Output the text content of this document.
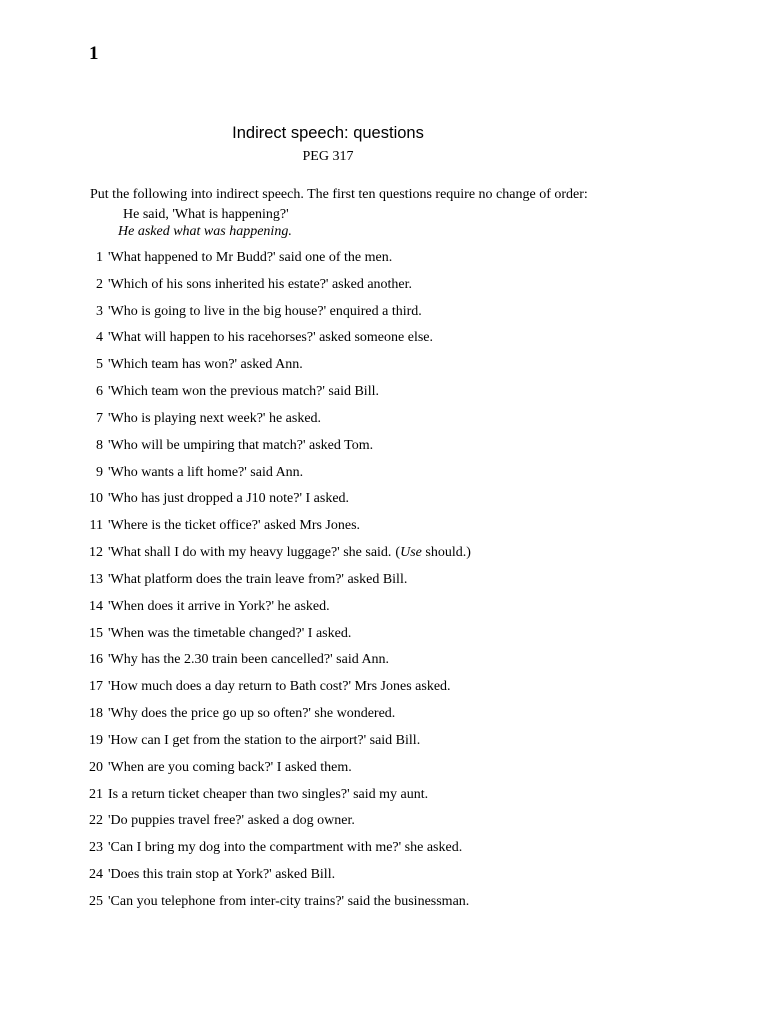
1
Indirect speech: questions
PEG 317
Put the following into indirect speech. The first ten questions require no change of order:
He said, 'What is happening?'
He asked what was happening.
1 'What happened to Mr Budd?' said one of the men.
2 'Which of his sons inherited his estate?' asked another.
3 'Who is going to live in the big house?' enquired a third.
4 'What will happen to his racehorses?' asked someone else.
5 'Which team has won?' asked Ann.
6 'Which team won the previous match?' said Bill.
7 'Who is playing next week?' he asked.
8 'Who will be umpiring that match?' asked Tom.
9 'Who wants a lift home?' said Ann.
10 'Who has just dropped a J10 note?' I asked.
11 'Where is the ticket office?' asked Mrs Jones.
12 'What shall I do with my heavy luggage?' she said. (Use should.)
13 'What platform does the train leave from?' asked Bill.
14 'When does it arrive in York?' he asked.
15 'When was the timetable changed?' I asked.
16 'Why has the 2.30 train been cancelled?' said Ann.
17 'How much does a day return to Bath cost?' Mrs Jones asked.
18 'Why does the price go up so often?' she wondered.
19 'How can I get from the station to the airport?' said Bill.
20 'When are you coming back?' I asked them.
21 Is a return ticket cheaper than two singles?' said my aunt.
22 'Do puppies travel free?' asked a dog owner.
23 'Can I bring my dog into the compartment with me?' she asked.
24 'Does this train stop at York?' asked Bill.
25 'Can you telephone from inter-city trains?' said the businessman.
